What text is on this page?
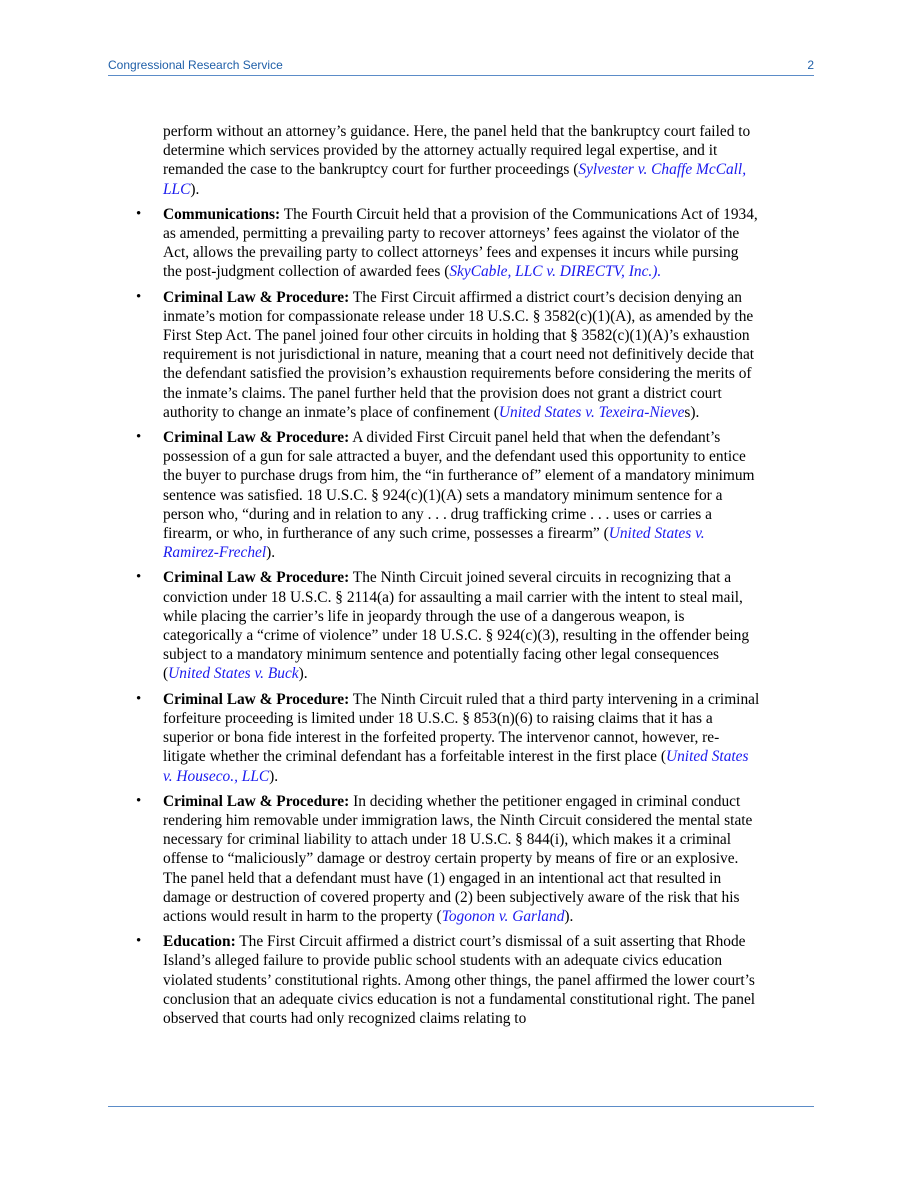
Congressional Research Service	2

perform without an attorney’s guidance. Here, the panel held that the bankruptcy court failed to determine which services provided by the attorney actually required legal expertise, and it remanded the case to the bankruptcy court for further proceedings (Sylvester v. Chaffe McCall, LLC).

•	Communications: The Fourth Circuit held that a provision of the Communications Act of 1934, as amended, permitting a prevailing party to recover attorneys’ fees against the violator of the Act, allows the prevailing party to collect attorneys’ fees and expenses it incurs while pursing the post-judgment collection of awarded fees (SkyCable, LLC v. DIRECTV, Inc.).
•	Criminal Law & Procedure: The First Circuit affirmed a district court’s decision denying an inmate’s motion for compassionate release under 18 U.S.C. § 3582(c)(1)(A), as amended by the First Step Act. The panel joined four other circuits in holding that § 3582(c)(1)(A)’s exhaustion requirement is not jurisdictional in nature, meaning that a court need not definitively decide that the defendant satisfied the provision’s exhaustion requirements before considering the merits of the inmate’s claims. The panel further held that the provision does not grant a district court authority to change an inmate’s place of confinement (United States v. Texeira-Nieves).
•	Criminal Law & Procedure: A divided First Circuit panel held that when the defendant’s possession of a gun for sale attracted a buyer, and the defendant used this opportunity to entice the buyer to purchase drugs from him, the “in furtherance of” element of a mandatory minimum sentence was satisfied. 18 U.S.C. § 924(c)(1)(A) sets a mandatory minimum sentence for a person who, “during and in relation to any . . . drug trafficking crime . . . uses or carries a firearm, or who, in furtherance of any such crime, possesses a firearm” (United States v. Ramirez-Frechel).
•	Criminal Law & Procedure: The Ninth Circuit joined several circuits in recognizing that a conviction under 18 U.S.C. § 2114(a) for assaulting a mail carrier with the intent to steal mail, while placing the carrier’s life in jeopardy through the use of a dangerous weapon, is categorically a “crime of violence” under 18 U.S.C. § 924(c)(3), resulting in the offender being subject to a mandatory minimum sentence and potentially facing other legal consequences (United States v. Buck).
•	Criminal Law & Procedure: The Ninth Circuit ruled that a third party intervening in a criminal forfeiture proceeding is limited under 18 U.S.C. § 853(n)(6) to raising claims that it has a superior or bona fide interest in the forfeited property. The intervenor cannot, however, re-litigate whether the criminal defendant has a forfeitable interest in the first place (United States v. Houseco., LLC).
•	Criminal Law & Procedure: In deciding whether the petitioner engaged in criminal conduct rendering him removable under immigration laws, the Ninth Circuit considered the mental state necessary for criminal liability to attach under 18 U.S.C. § 844(i), which makes it a criminal offense to “maliciously” damage or destroy certain property by means of fire or an explosive. The panel held that a defendant must have (1) engaged in an intentional act that resulted in damage or destruction of covered property and (2) been subjectively aware of the risk that his actions would result in harm to the property (Togonon v. Garland).
•	Education: The First Circuit affirmed a district court’s dismissal of a suit asserting that Rhode Island’s alleged failure to provide public school students with an adequate civics education violated students’ constitutional rights. Among other things, the panel affirmed the lower court’s conclusion that an adequate civics education is not a fundamental constitutional right. The panel observed that courts had only recognized claims relating to
